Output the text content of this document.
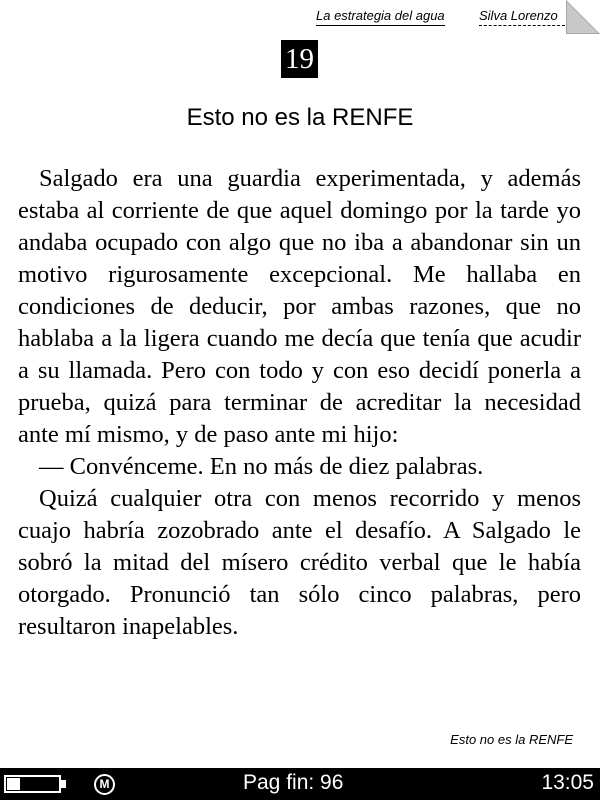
La estrategia del agua	Silva Lorenzo
19
Esto no es la RENFE

Salgado era una guardia experimentada, y además estaba al corriente de que aquel domingo por la tarde yo andaba ocupado con algo que no iba a abandonar sin un motivo rigurosamente excepcional. Me hallaba en condiciones de deducir, por ambas razones, que no hablaba a la ligera cuando me decía que tenía que acudir a su llamada. Pero con todo y con eso decidí ponerla a prueba, quizá para terminar de acreditar la necesidad ante mí mismo, y de paso ante mi hijo:

— Convénceme. En no más de diez palabras.

Quizá cualquier otra con menos recorrido y menos cuajo habría zozobrado ante el desafío. A Salgado le sobró la mitad del mísero crédito verbal que le había otorgado. Pronunció tan sólo cinco palabras, pero resultaron inapelables.

Esto no es la RENFE
M	Pag fin: 96	13:05
